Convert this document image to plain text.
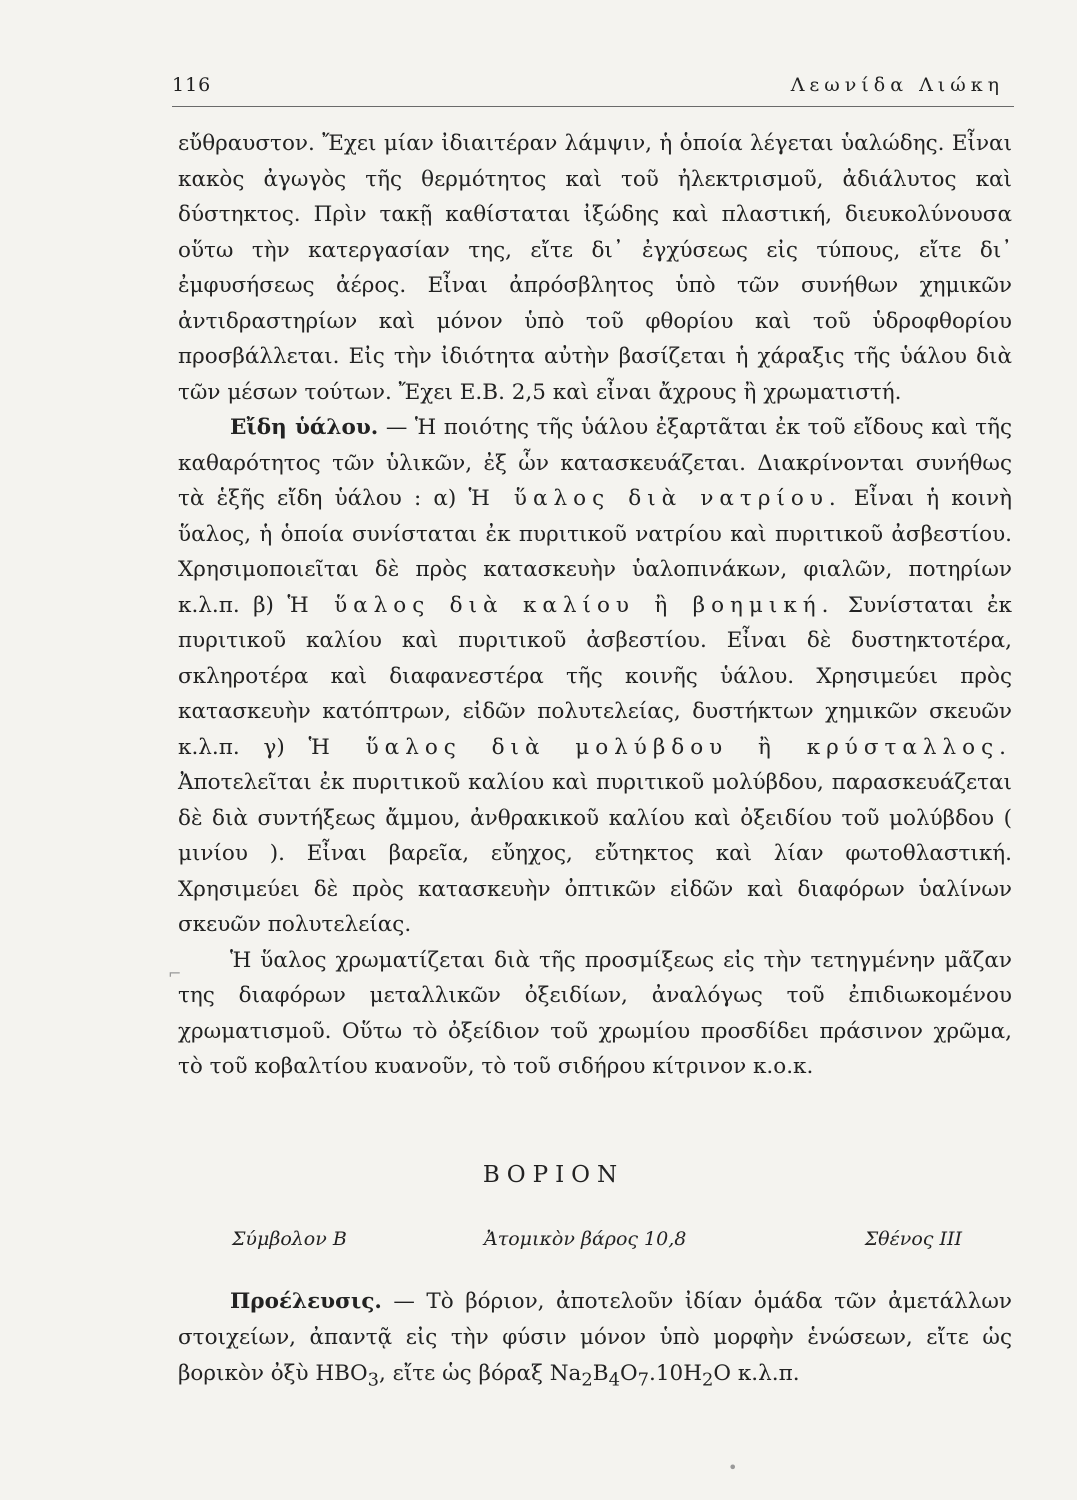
116	Λεωνίδα Λιώκη

εὔθραυστον. Ἔχει μίαν ἰδιαιτέραν λάμψιν, ἡ ὁποία λέγεται ὑαλώδης. Εἶναι κακὸς ἀγωγὸς τῆς θερμότητος καὶ τοῦ ἠλεκτρισμοῦ, ἀδιάλυτος καὶ δύστηκτος. Πρὶν τακῇ καθίσταται ἰξώδης καὶ πλαστική, διευκολύνουσα οὕτω τὴν κατεργασίαν της, εἴτε δι᾿ ἐγχύσεως εἰς τύπους, εἴτε δι᾿ ἐμφυσήσεως ἀέρος. Εἶναι ἀπρόσβλητος ὑπὸ τῶν συνήθων χημικῶν ἀντιδραστηρίων καὶ μόνον ὑπὸ τοῦ φθορίου καὶ τοῦ ὑδροφθορίου προσβάλλεται. Εἰς τὴν ἰδιότητα αὐτὴν βασίζεται ἡ χάραξις τῆς ὑάλου διὰ τῶν μέσων τούτων. Ἔχει Ε.Β. 2,5 καὶ εἶναι ἄχρους ἢ χρωματιστή.

Εἴδη ὑάλου. — Ἡ ποιότης τῆς ὑάλου ἐξαρτᾶται ἐκ τοῦ εἴδους καὶ τῆς καθαρότητος τῶν ὑλικῶν, ἐξ ὧν κατασκευάζεται. Διακρίνονται συνήθως τὰ ἑξῆς εἴδη ὑάλου : α) Ἡ ὕαλος διὰ νατρίου. Εἶναι ἡ κοινὴ ὕαλος, ἡ ὁποία συνίσταται ἐκ πυριτικοῦ νατρίου καὶ πυριτικοῦ ἀσβεστίου. Χρησιμοποιεῖται δὲ πρὸς κατασκευὴν ὑαλοπινάκων, φιαλῶν, ποτηρίων κ.λ.π. β) Ἡ ὕαλος διὰ καλίου ἢ βοημική. Συνίσταται ἐκ πυριτικοῦ καλίου καὶ πυριτικοῦ ἀσβεστίου. Εἶναι δὲ δυστηκτοτέρα, σκληροτέρα καὶ διαφανεστέρα τῆς κοινῆς ὑάλου. Χρησιμεύει πρὸς κατασκευὴν κατόπτρων, εἰδῶν πολυτελείας, δυστήκτων χημικῶν σκευῶν κ.λ.π. γ) Ἡ ὕαλος διὰ μολύβδου ἢ κρύσταλλος. Ἀποτελεῖται ἐκ πυριτικοῦ καλίου καὶ πυριτικοῦ μολύβδου, παρασκευάζεται δὲ διὰ συντήξεως ἄμμου, ἀνθρακικοῦ καλίου καὶ ὀξειδίου τοῦ μολύβδου ( μινίου ). Εἶναι βαρεῖα, εὔηχος, εὔτηκτος καὶ λίαν φωτοθλαστική. Χρησιμεύει δὲ πρὸς κατασκευὴν ὀπτικῶν εἰδῶν καὶ διαφόρων ὑαλίνων σκευῶν πολυτελείας.

Ἡ ὕαλος χρωματίζεται διὰ τῆς προσμίξεως εἰς τὴν τετηγμένην μᾶζαν της διαφόρων μεταλλικῶν ὀξειδίων, ἀναλόγως τοῦ ἐπιδιωκομένου χρωματισμοῦ. Οὕτω τὸ ὀξείδιον τοῦ χρωμίου προσδίδει πράσινον χρῶμα, τὸ τοῦ κοβαλτίου κυανοῦν, τὸ τοῦ σιδήρου κίτρινον κ.ο.κ.

ΒΟΡΙΟΝ
Σύμβολον Β	Ἀτομικὸν βάρος 10,8	Σθένος ΙΙΙ

Προέλευσις. — Τὸ βόριον, ἀποτελοῦν ἰδίαν ὁμάδα τῶν ἀμετάλλων στοιχείων, ἀπαντᾷ εἰς τὴν φύσιν μόνον ὑπὸ μορφὴν ἑνώσεων, εἴτε ὡς βορικὸν ὀξὺ $HBO_3$, εἴτε ὡς βόραξ $Na_2B_4O_7.10H_2O$ κ.λ.π.

⌐
•
